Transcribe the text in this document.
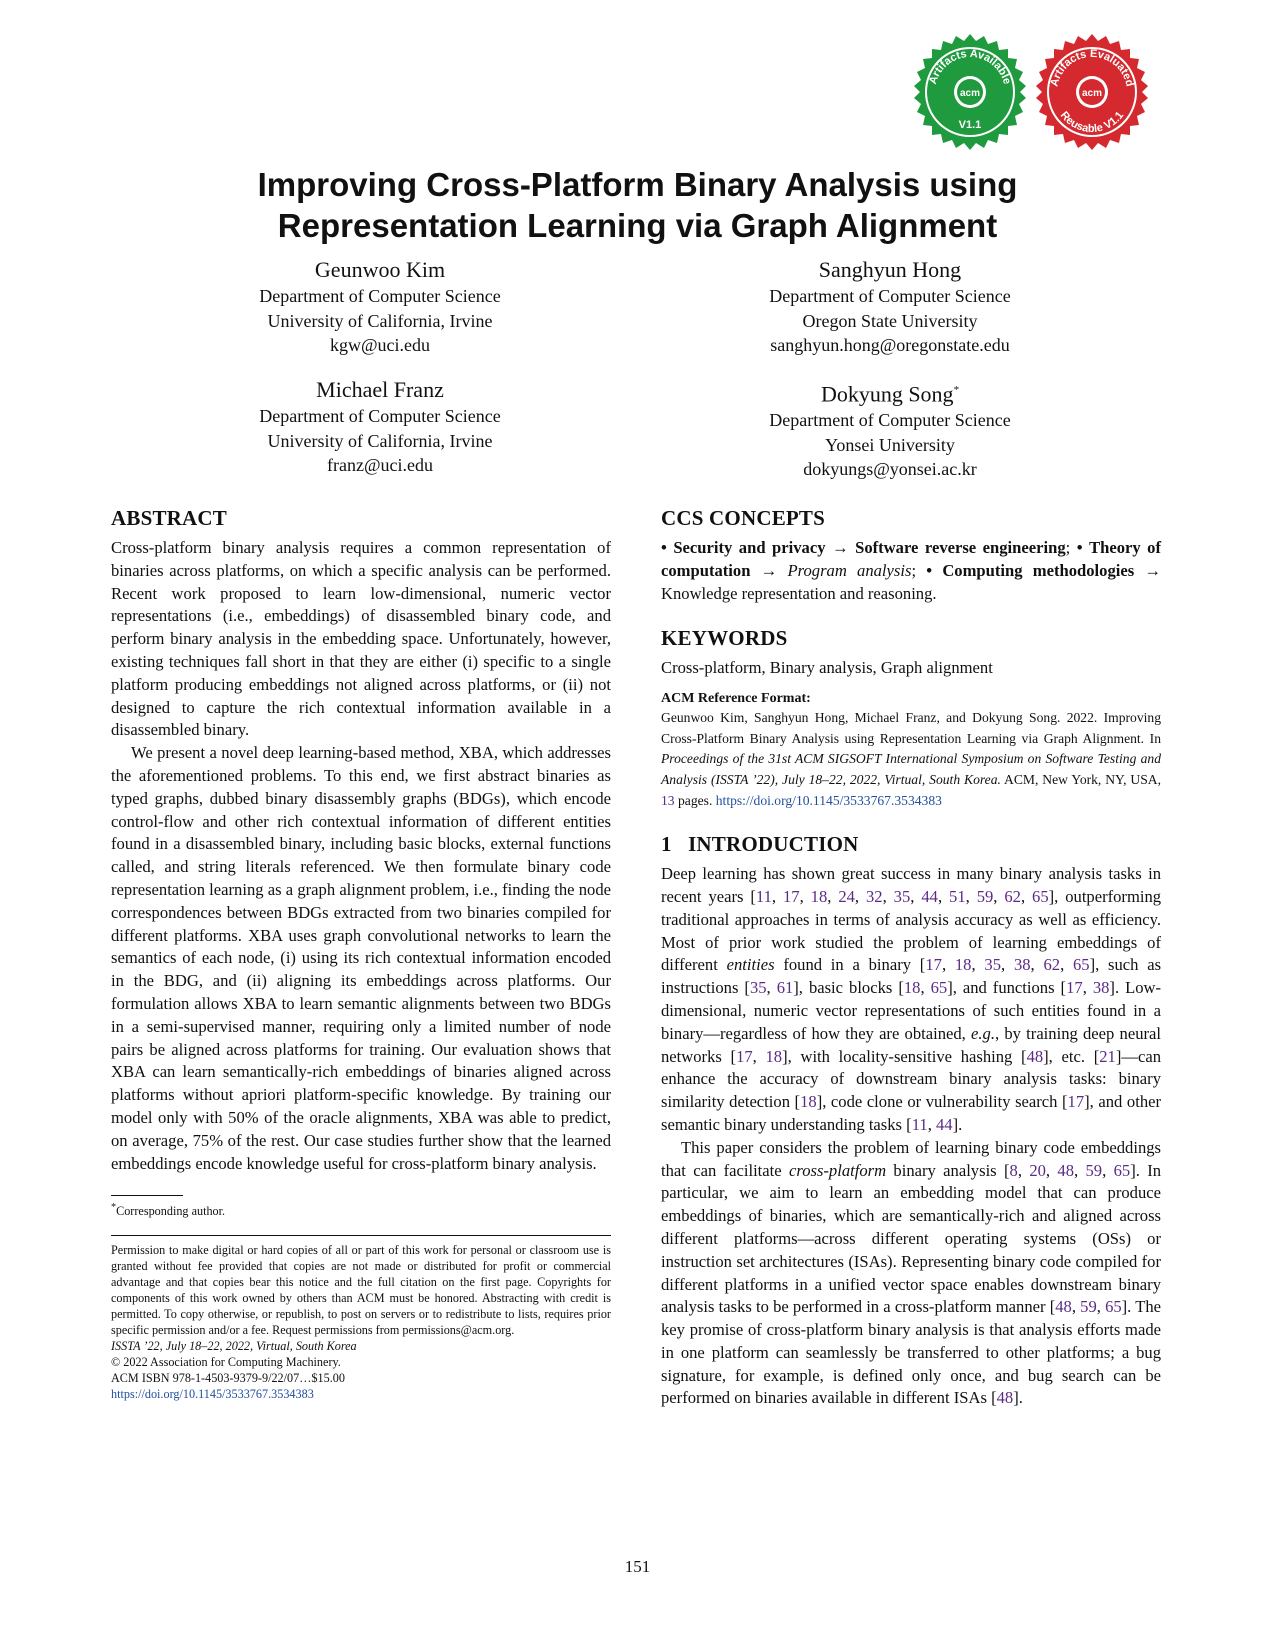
acm
Artifacts Available
V1.1
acm
Artifacts Evaluated
Reusable V1.1
Improving Cross-Platform Binary Analysis using
Representation Learning via Graph Alignment
Geunwoo Kim
Department of Computer Science
University of California, Irvine
kgw@uci.edu
Sanghyun Hong
Department of Computer Science
Oregon State University
sanghyun.hong@oregonstate.edu
Michael Franz
Department of Computer Science
University of California, Irvine
franz@uci.edu
Dokyung Song*
Department of Computer Science
Yonsei University
dokyungs@yonsei.ac.kr
ABSTRACT

Cross-platform binary analysis requires a common representation of binaries across platforms, on which a specific analysis can be performed. Recent work proposed to learn low-dimensional, numeric vector representations (i.e., embeddings) of disassembled binary code, and perform binary analysis in the embedding space. Unfortunately, however, existing techniques fall short in that they are either (i) specific to a single platform producing embeddings not aligned across platforms, or (ii) not designed to capture the rich contextual information available in a disassembled binary.

We present a novel deep learning-based method, XBA, which addresses the aforementioned problems. To this end, we first abstract binaries as typed graphs, dubbed binary disassembly graphs (BDGs), which encode control-flow and other rich contextual information of different entities found in a disassembled binary, including basic blocks, external functions called, and string literals referenced. We then formulate binary code representation learning as a graph alignment problem, i.e., finding the node correspondences between BDGs extracted from two binaries compiled for different platforms. XBA uses graph convolutional networks to learn the semantics of each node, (i) using its rich contextual information encoded in the BDG, and (ii) aligning its embeddings across platforms. Our formulation allows XBA to learn semantic alignments between two BDGs in a semi-supervised manner, requiring only a limited number of node pairs be aligned across platforms for training. Our evaluation shows that XBA can learn semantically-rich embeddings of binaries aligned across platforms without apriori platform-specific knowledge. By training our model only with 50% of the oracle alignments, XBA was able to predict, on average, 75% of the rest. Our case studies further show that the learned embeddings encode knowledge useful for cross-platform binary analysis.

*Corresponding author.
Permission to make digital or hard copies of all or part of this work for personal or classroom use is granted without fee provided that copies are not made or distributed for profit or commercial advantage and that copies bear this notice and the full citation on the first page. Copyrights for components of this work owned by others than ACM must be honored. Abstracting with credit is permitted. To copy otherwise, or republish, to post on servers or to redistribute to lists, requires prior specific permission and/or a fee. Request permissions from permissions@acm.org.
ISSTA ’22, July 18–22, 2022, Virtual, South Korea
© 2022 Association for Computing Machinery.
ACM ISBN 978-1-4503-9379-9/22/07…$15.00
https://doi.org/10.1145/3533767.3534383
CCS CONCEPTS

• Security and privacy → Software reverse engineering; • Theory of computation → Program analysis; • Computing methodologies → Knowledge representation and reasoning.

KEYWORDS

Cross-platform, Binary analysis, Graph alignment

ACM Reference Format:

Geunwoo Kim, Sanghyun Hong, Michael Franz, and Dokyung Song. 2022. Improving Cross-Platform Binary Analysis using Representation Learning via Graph Alignment. In Proceedings of the 31st ACM SIGSOFT International Symposium on Software Testing and Analysis (ISSTA ’22), July 18–22, 2022, Virtual, South Korea. ACM, New York, NY, USA, 13 pages. https://doi.org/10.1145/3533767.3534383

1 INTRODUCTION

Deep learning has shown great success in many binary analysis tasks in recent years [11, 17, 18, 24, 32, 35, 44, 51, 59, 62, 65], outperforming traditional approaches in terms of analysis accuracy as well as efficiency. Most of prior work studied the problem of learning embeddings of different entities found in a binary [17, 18, 35, 38, 62, 65], such as instructions [35, 61], basic blocks [18, 65], and functions [17, 38]. Low-dimensional, numeric vector representations of such entities found in a binary—regardless of how they are obtained, e.g., by training deep neural networks [17, 18], with locality-sensitive hashing [48], etc. [21]—can enhance the accuracy of downstream binary analysis tasks: binary similarity detection [18], code clone or vulnerability search [17], and other semantic binary understanding tasks [11, 44].

This paper considers the problem of learning binary code embeddings that can facilitate cross-platform binary analysis [8, 20, 48, 59, 65]. In particular, we aim to learn an embedding model that can produce embeddings of binaries, which are semantically-rich and aligned across different platforms—across different operating systems (OSs) or instruction set architectures (ISAs). Representing binary code compiled for different platforms in a unified vector space enables downstream binary analysis tasks to be performed in a cross-platform manner [48, 59, 65]. The key promise of cross-platform binary analysis is that analysis efforts made in one platform can seamlessly be transferred to other platforms; a bug signature, for example, is defined only once, and bug search can be performed on binaries available in different ISAs [48].

151
